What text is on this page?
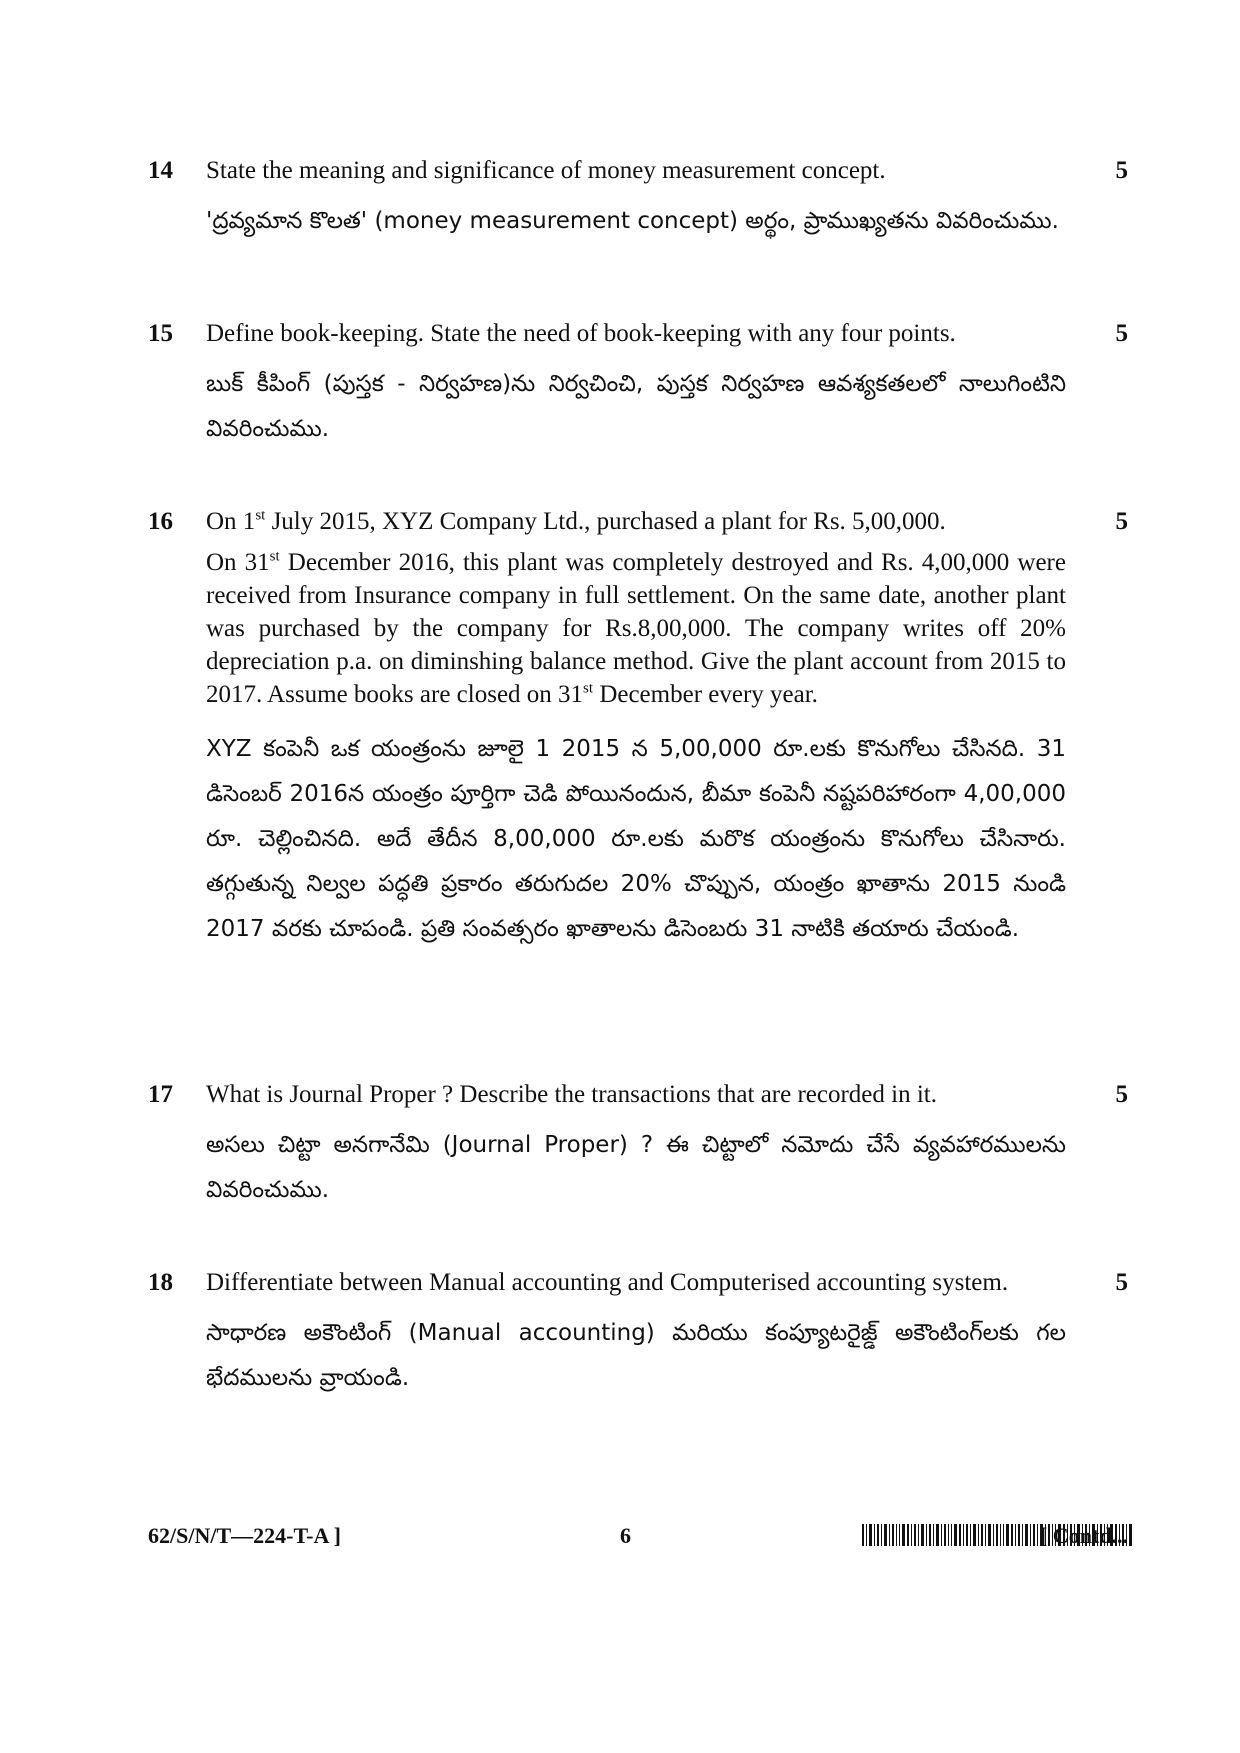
14 State the meaning and significance of money measurement concept.

'ద్రవ్యమాన కొలత' (money measurement concept) అర్థం, ప్రాముఖ్యతను వివరించుము.

5
15 Define book-keeping. State the need of book-keeping with any four points.

బుక్ కీపింగ్ (పుస్తక - నిర్వహణ)ను నిర్వచించి, పుస్తక నిర్వహణ ఆవశ్యకతలలో నాలుగింటిని వివరించుము.

5
16 On 1st July 2015, XYZ Company Ltd., purchased a plant for Rs. 5,00,000.

On 31st December 2016, this plant was completely destroyed and Rs. 4,00,000 were received from Insurance company in full settlement. On the same date, another plant was purchased by the company for Rs.8,00,000. The company writes off 20% depreciation p.a. on diminshing balance method. Give the plant account from 2015 to 2017. Assume books are closed on 31st December every year.

XYZ కంపెనీ ఒక యంత్రంను జూలై 1 2015 న 5,00,000 రూ.లకు కొనుగోలు చేసినది. 31 డిసెంబర్ 2016న యంత్రం పూర్తిగా చెడి పోయినందున, బీమా కంపెనీ నష్టపరిహారంగా 4,00,000 రూ. చెల్లించినది. అదే తేదీన 8,00,000 రూ.లకు మరొక యంత్రంను కొనుగోలు చేసినారు. తగ్గుతున్న నిల్వల పద్ధతి ప్రకారం తరుగుదల 20% చొప్పున, యంత్రం ఖాతాను 2015 నుండి 2017 వరకు చూపండి. ప్రతి సంవత్సరం ఖాతాలను డిసెంబరు 31 నాటికి తయారు చేయండి.

5
17 What is Journal Proper ? Describe the transactions that are recorded in it.

అసలు చిట్టా అనగానేమి (Journal Proper) ? ఈ చిట్టాలో నమోదు చేసే వ్యవహారములను వివరించుము.

5
18 Differentiate between Manual accounting and Computerised accounting system.

సాధారణ అకౌంటింగ్ (Manual accounting) మరియు కంప్యూటరైజ్డ్ అకౌంటింగ్‌లకు గల భేదములను వ్రాయండి.

5
62/S/N/T—224-T-A ]	6	[ Contd...
